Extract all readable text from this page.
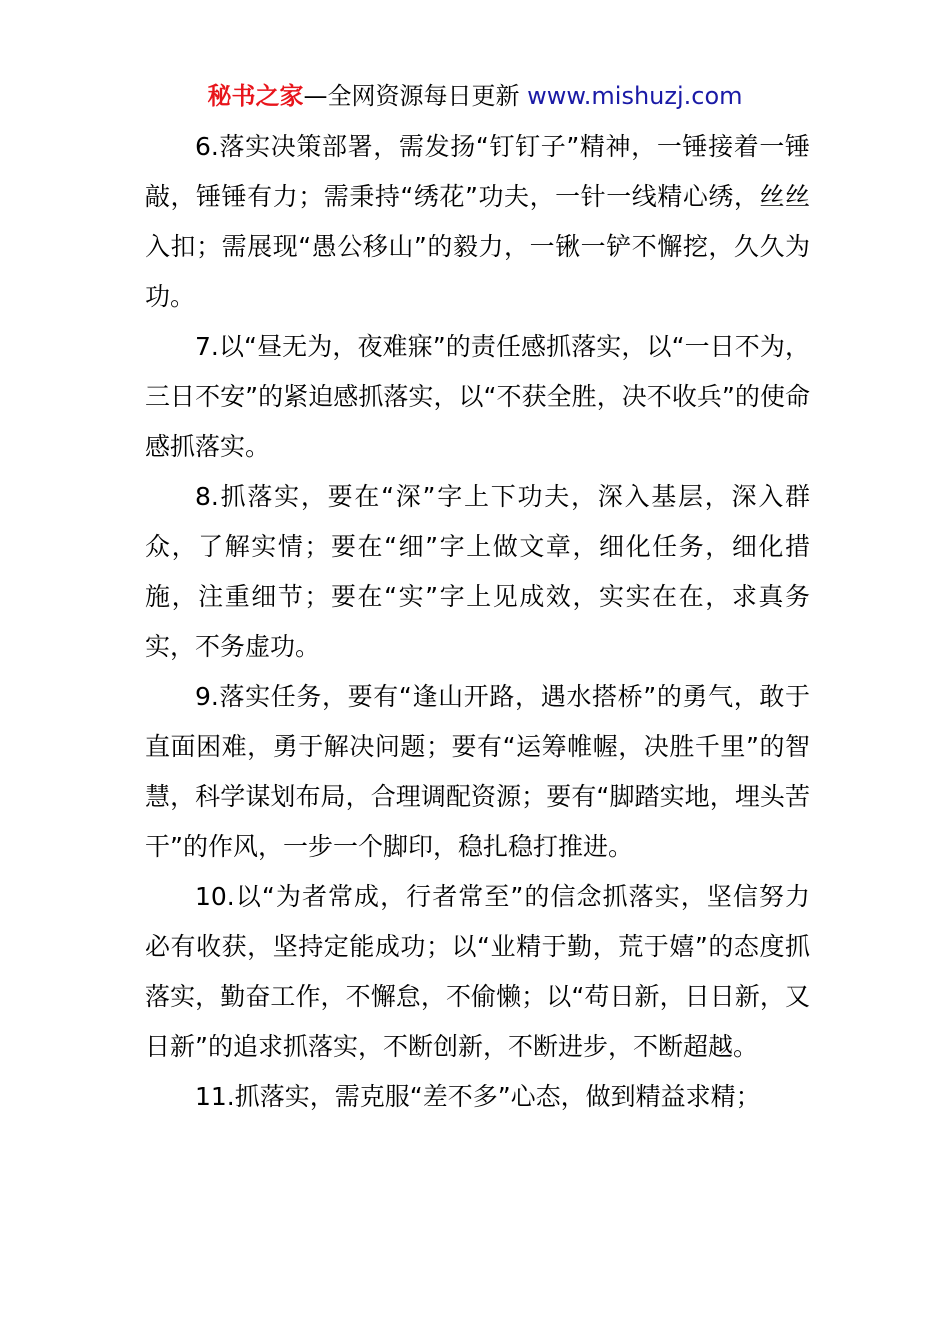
秘书之家—全网资源每日更新 www.mishuzj.com

6.落实决策部署，需发扬“钉钉子”精神，一锤接着一锤敲，锤锤有力；需秉持“绣花”功夫，一针一线精心绣，丝丝入扣；需展现“愚公移山”的毅力，一锹一铲不懈挖，久久为功。

7.以“昼无为，夜难寐”的责任感抓落实，以“一日不为，三日不安”的紧迫感抓落实，以“不获全胜，决不收兵”的使命感抓落实。

8.抓落实，要在“深”字上下功夫，深入基层，深入群众，了解实情；要在“细”字上做文章，细化任务，细化措施，注重细节；要在“实”字上见成效，实实在在，求真务实，不务虚功。

9.落实任务，要有“逢山开路，遇水搭桥”的勇气，敢于直面困难，勇于解决问题；要有“运筹帷幄，决胜千里”的智慧，科学谋划布局，合理调配资源；要有“脚踏实地，埋头苦干”的作风，一步一个脚印，稳扎稳打推进。

10.以“为者常成，行者常至”的信念抓落实，坚信努力必有收获，坚持定能成功；以“业精于勤，荒于嬉”的态度抓落实，勤奋工作，不懈怠，不偷懒；以“苟日新，日日新，又日新”的追求抓落实，不断创新，不断进步，不断超越。

11.抓落实，需克服“差不多”心态，做到精益求精；
